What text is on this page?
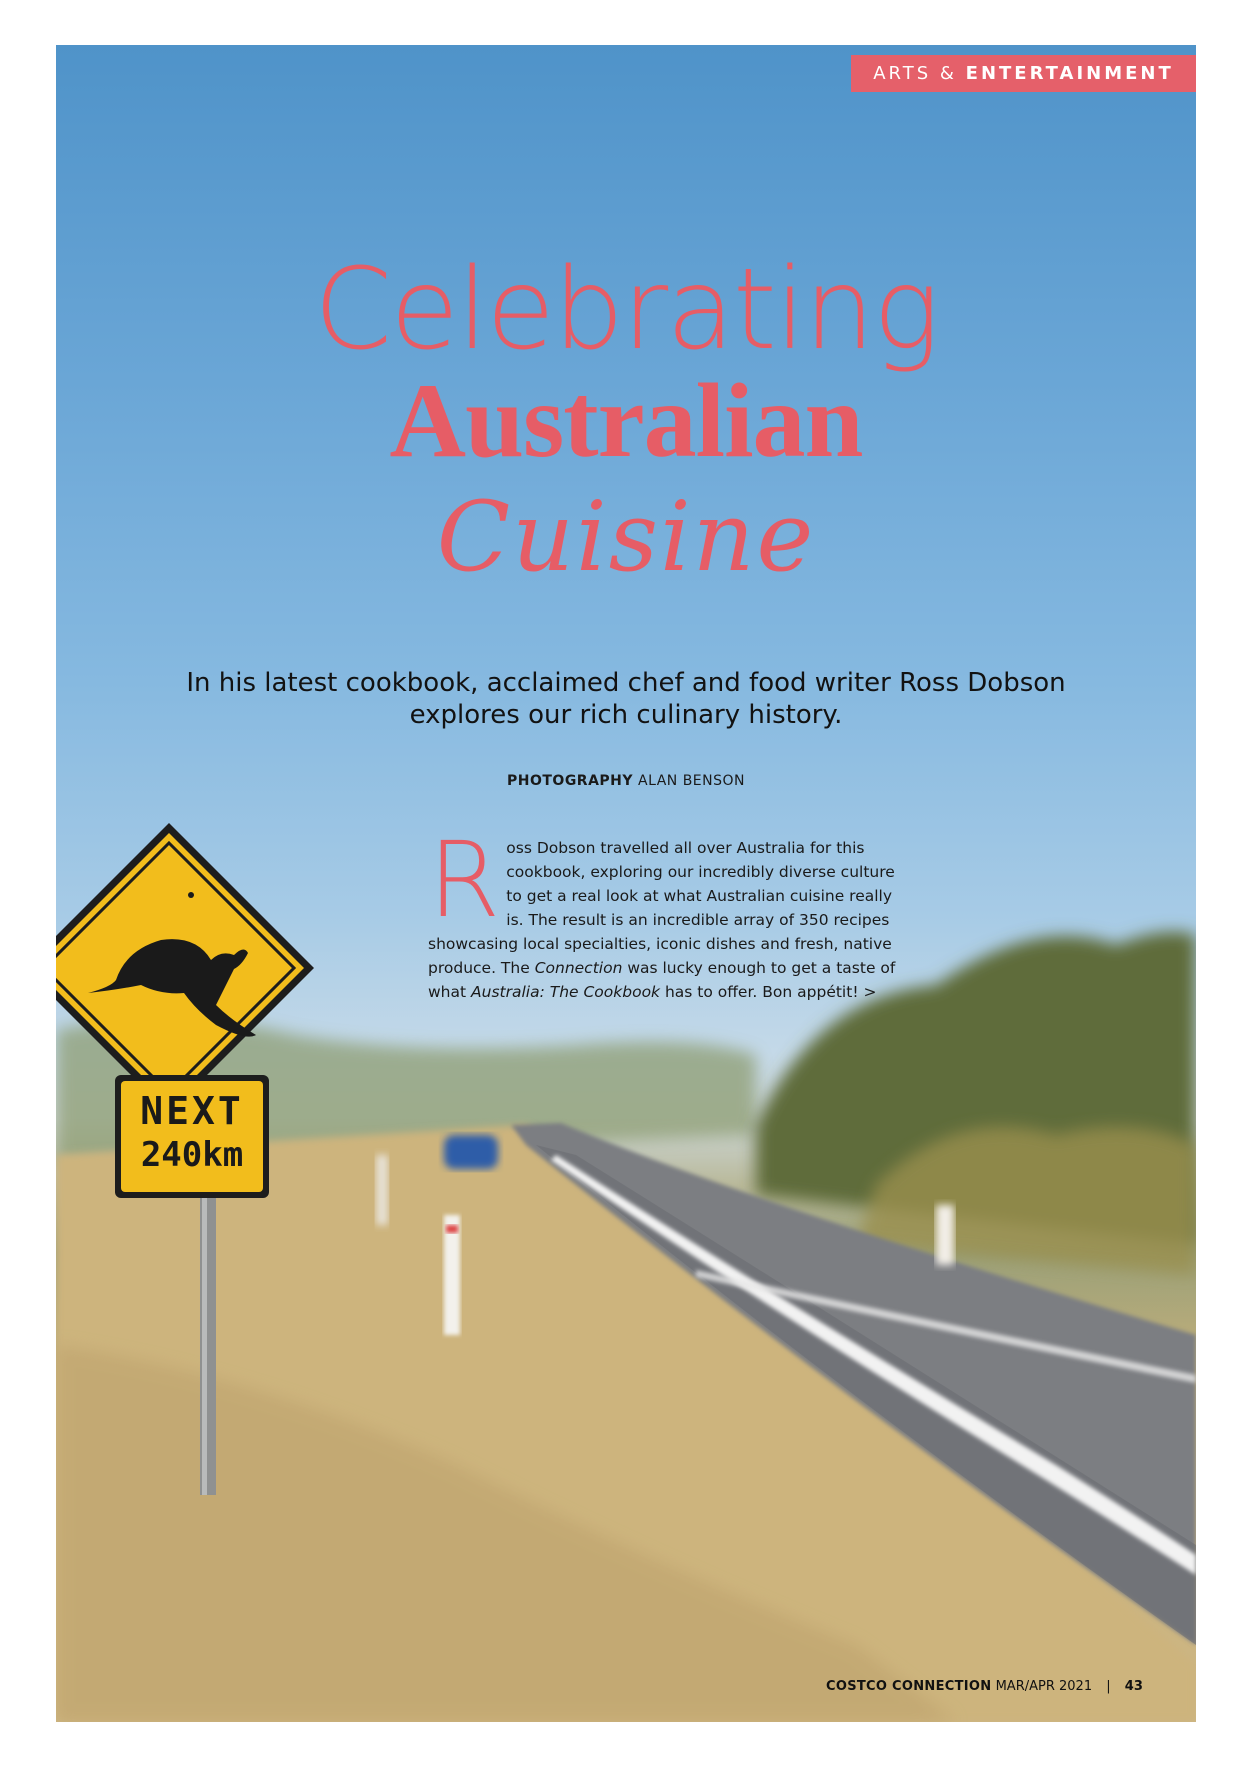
NEXT
240km
ARTS & ENTERTAINMENT
Celebrating
Australian
Cuisine
In his latest cookbook, acclaimed chef and food writer Ross Dobson explores our rich culinary history.
PHOTOGRAPHY ALAN BENSON
Ross Dobson travelled all over Australia for this cookbook, exploring our incredibly diverse culture to get a real look at what Australian cuisine really is. The result is an incredible array of 350 recipes showcasing local specialties, iconic dishes and fresh, native produce. The Connection was lucky enough to get a taste of what Australia: The Cookbook has to offer. Bon appétit! >
COSTCO CONNECTION MAR/APR 2021 | 43
